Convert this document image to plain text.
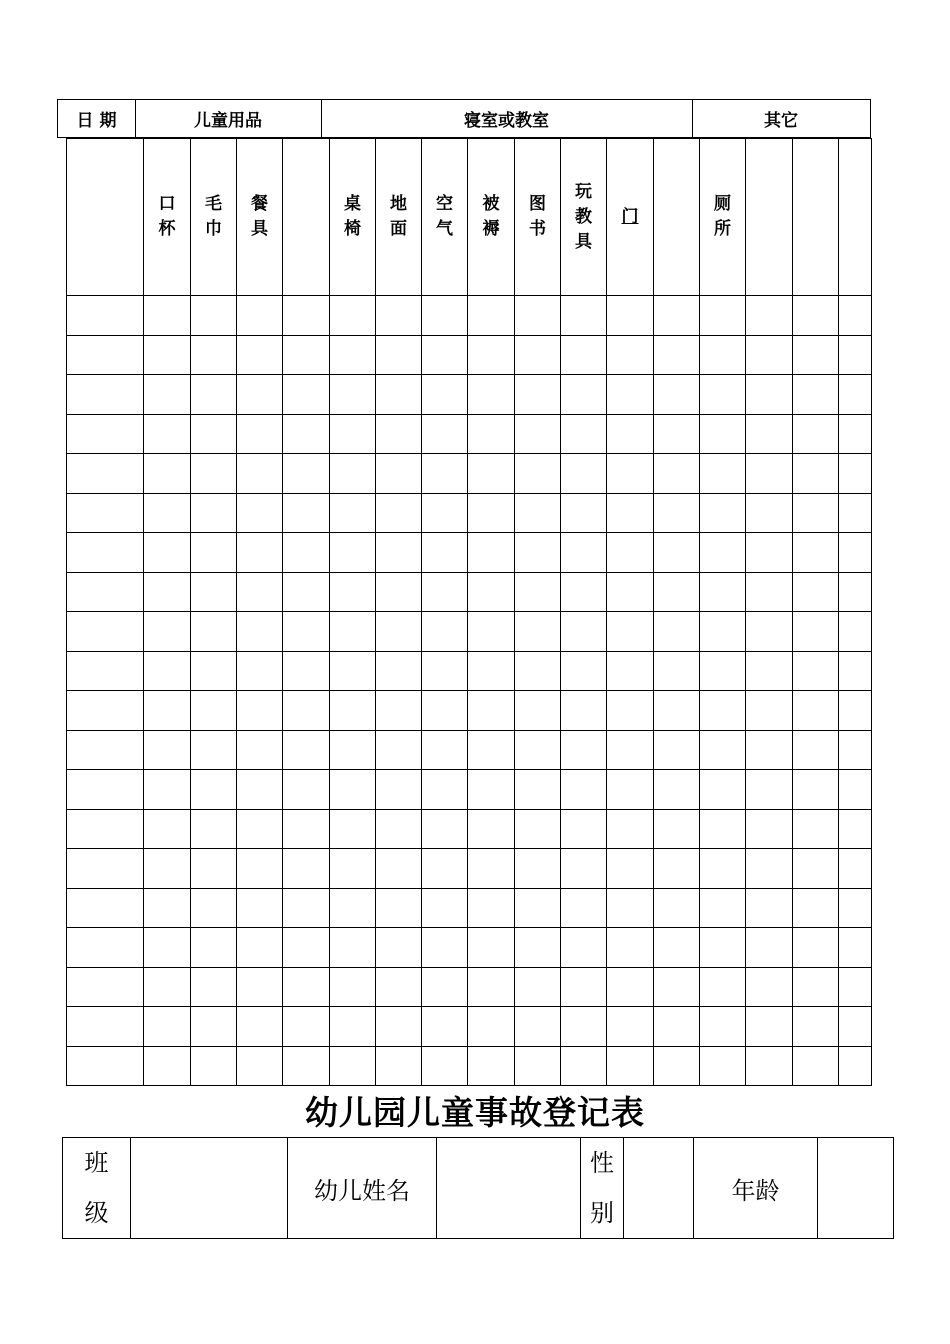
日 期	儿童用品	寝室或教室	其它
	口杯	毛巾	餐具		桌椅	地面	空气	被褥	图书	玩教具	门		厕所			

幼儿园儿童事故登记表
班级		幼儿姓名		性别		年龄	
